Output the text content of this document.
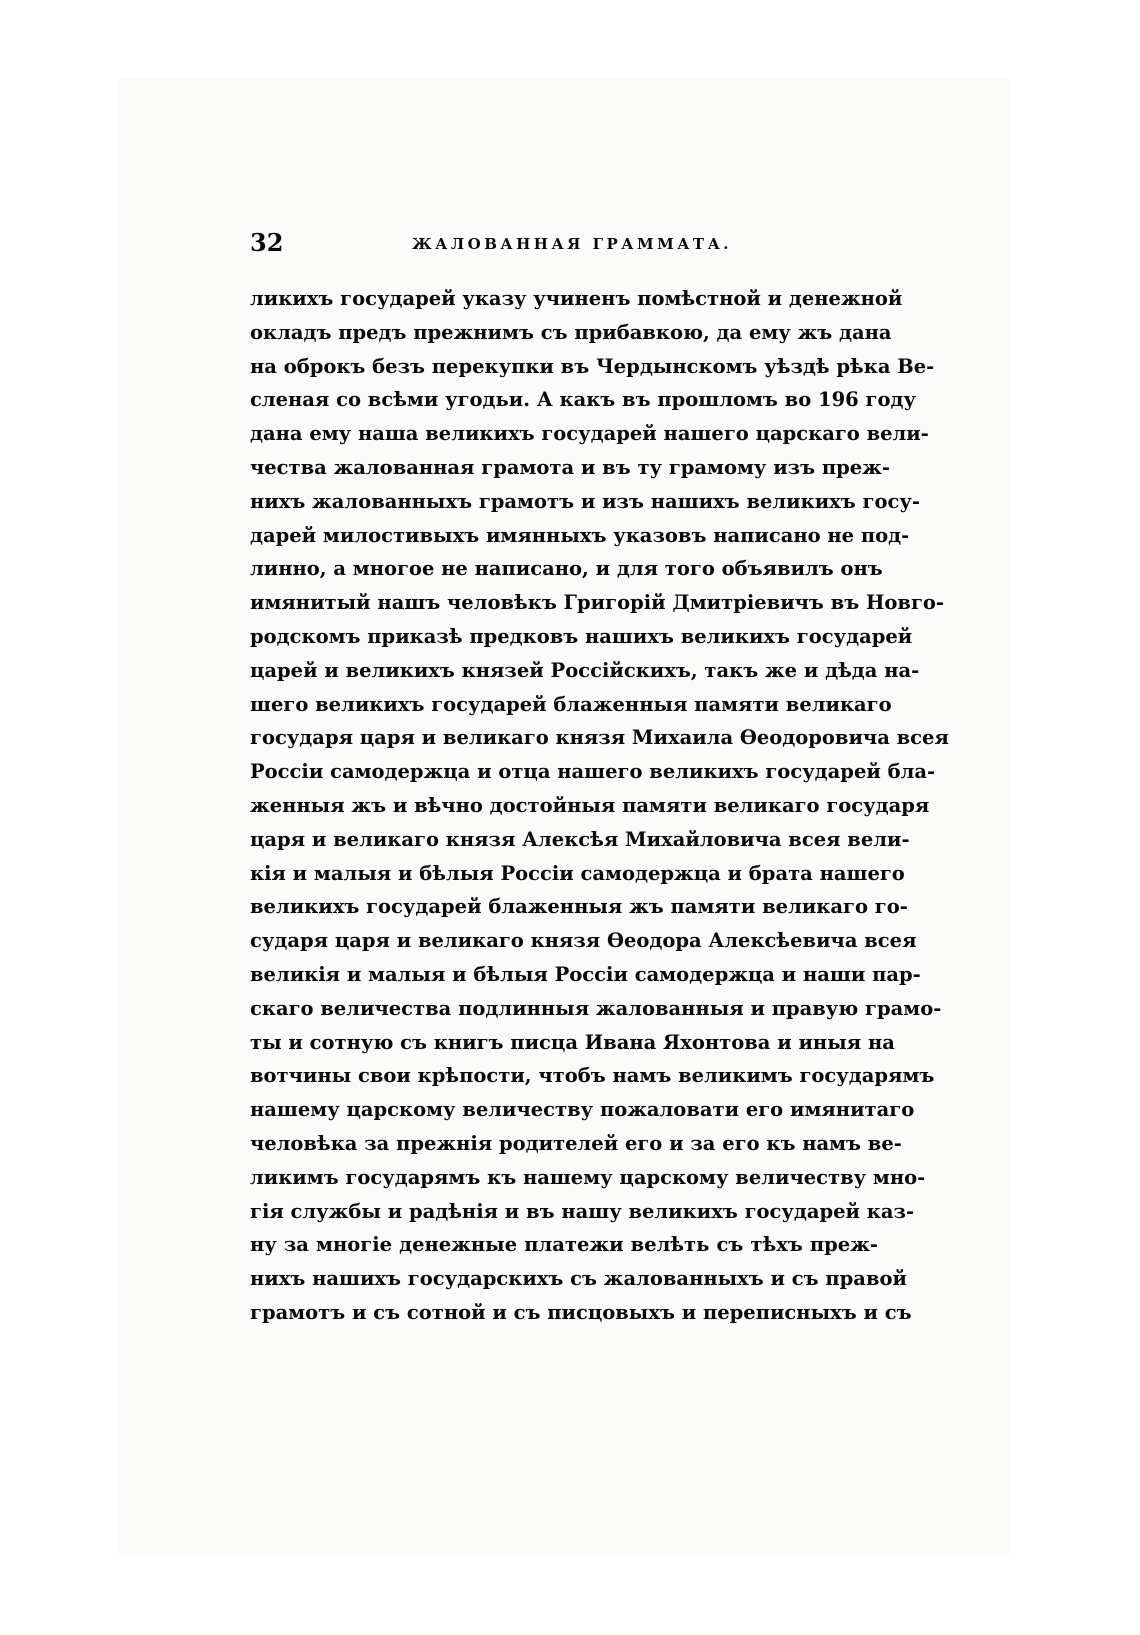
32	ЖАЛОВАННАЯ ГРАММАТА.
ликихъ государей указу учиненъ помѣстной и денежной
окладъ предъ прежнимъ съ прибавкою, да ему жъ дана
на оброкъ безъ перекупки въ Чердынскомъ уѣздѣ рѣка Ве-
сленая со всѣми угодьи. А какъ въ прошломъ во 196 году
дана ему наша великихъ государей нашего царскаго вели-
чества жалованная грамота и въ ту грамому изъ преж-
нихъ жалованныхъ грамотъ и изъ нашихъ великихъ госу-
дарей милостивыхъ имянныхъ указовъ написано не под-
линно, а многое не написано, и для того объявилъ онъ
имянитый нашъ человѣкъ Григорій Дмитріевичъ въ Новго-
родскомъ приказѣ предковъ нашихъ великихъ государей
царей и великихъ князей Россійскихъ, такъ же и дѣда на-
шего великихъ государей блаженныя памяти великаго
государя царя и великаго князя Михаила Ѳеодоровича всея
Россіи самодержца и отца нашего великихъ государей бла-
женныя жъ и вѣчно достойныя памяти великаго государя
царя и великаго князя Алексѣя Михайловича всея вели-
кія и малыя и бѣлыя Россіи самодержца и брата нашего
великихъ государей блаженныя жъ памяти великаго го-
сударя царя и великаго князя Ѳеодора Алексѣевича всея
великія и малыя и бѣлыя Россіи самодержца и наши пар-
скаго величества подлинныя жалованныя и правую грамо-
ты и сотную съ книгъ писца Ивана Яхонтова и иныя на
вотчины свои крѣпости, чтобъ намъ великимъ государямъ
нашему царскому величеству пожаловати его имянитаго
человѣка за прежнія родителей его и за его къ намъ ве-
ликимъ государямъ къ нашему царскому величеству мно-
гія службы и радѣнія и въ нашу великихъ государей каз-
ну за многіе денежные платежи велѣть съ тѣхъ преж-
нихъ нашихъ государскихъ съ жалованныхъ и съ правой
грамотъ и съ сотной и съ писцовыхъ и переписныхъ и съ
